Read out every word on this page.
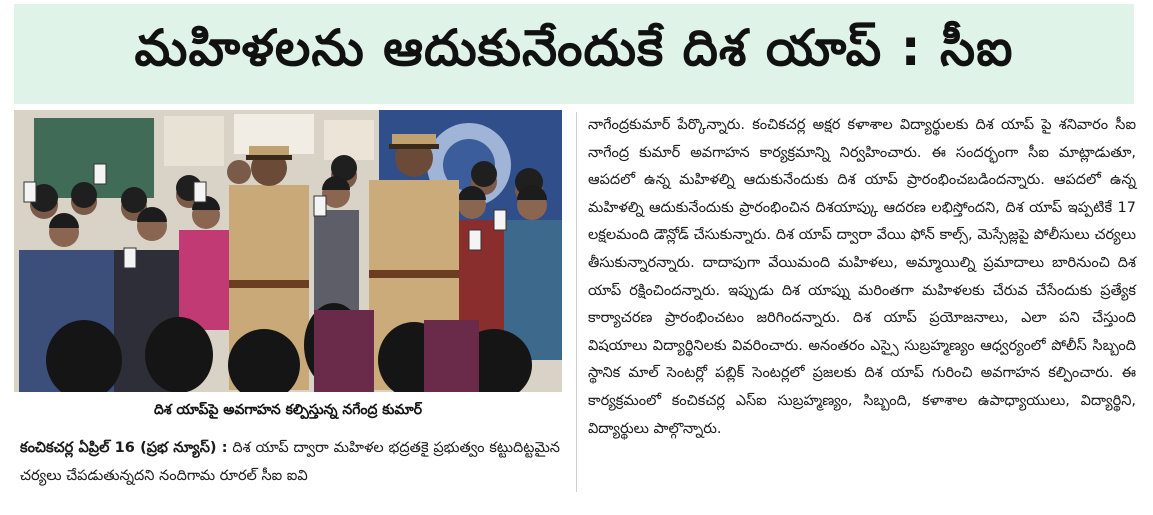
మహిళలను ఆదుకునేందుకే దిశ యాప్ : సీఐ
దిశ యాప్‌పై అవగాహన కల్పిస్తున్న నగేంద్ర కుమార్

కంచికచర్ల ఏప్రిల్ 16 (ప్రభ న్యూస్) : దిశ యాప్ ద్వారా మహిళల భద్రతకై ప్రభుత్వం కట్టుదిట్టమైన చర్యలు చేపడుతున్నదని నందిగామ రూరల్ సీఐ ఐవి

నాగేంద్రకుమార్ పేర్కొన్నారు. కంచికచర్ల అక్షర కళాశాల విద్యార్థులకు దిశ యాప్ పై శనివారం సీఐ నాగేంద్ర కుమార్ అవగాహన కార్యక్రమాన్ని నిర్వహించారు. ఈ సందర్భంగా సీఐ మాట్లాడుతూ, ఆపదలో ఉన్న మహిళల్ని ఆదుకునేందుకు దిశ యాప్ ప్రారంభించబడిందన్నారు. ఆపదలో ఉన్న మహిళల్ని ఆదుకునేందుకు ప్రారంభించిన దిశయాప్కు ఆదరణ లభిస్తోందని, దిశ యాప్ ఇప్పటికే 17 లక్షలమంది డౌన్లోడ్ చేసుకున్నారు. దిశ యాప్ ద్వారా వేయి ఫోన్ కాల్స్, మెస్సేజ్లపై పోలీసులు చర్యలు తీసుకున్నారన్నారు. దాదాపుగా వేయిమంది మహిళలు, అమ్మాయిల్ని ప్రమాదాలు బారినుంచి దిశ యాప్ రక్షించిందన్నారు. ఇప్పుడు దిశ యాప్ను మరింతగా మహిళలకు చేరువ చేసేందుకు ప్రత్యేక కార్యాచరణ ప్రారంభించటం జరిగిందన్నారు. దిశ యాప్ ప్రయోజనాలు, ఎలా పని చేస్తుంది విషయాలు విద్యార్థినిలకు వివరించారు. అనంతరం ఎస్సై సుబ్రహ్మణ్యం ఆధ్వర్యంలో పోలీస్ సిబ్బంది స్థానిక మాల్ సెంటర్లో పబ్లిక్ సెంటర్లలో ప్రజలకు దిశ యాప్ గురించి అవగాహన కల్పించారు. ఈ కార్యక్రమంలో కంచికచర్ల ఎస్ఐ సుబ్రహ్మణ్యం, సిబ్బంది, కళాశాల ఉపాధ్యాయులు, విద్యార్థిని, విద్యార్థులు పాల్గొన్నారు.
